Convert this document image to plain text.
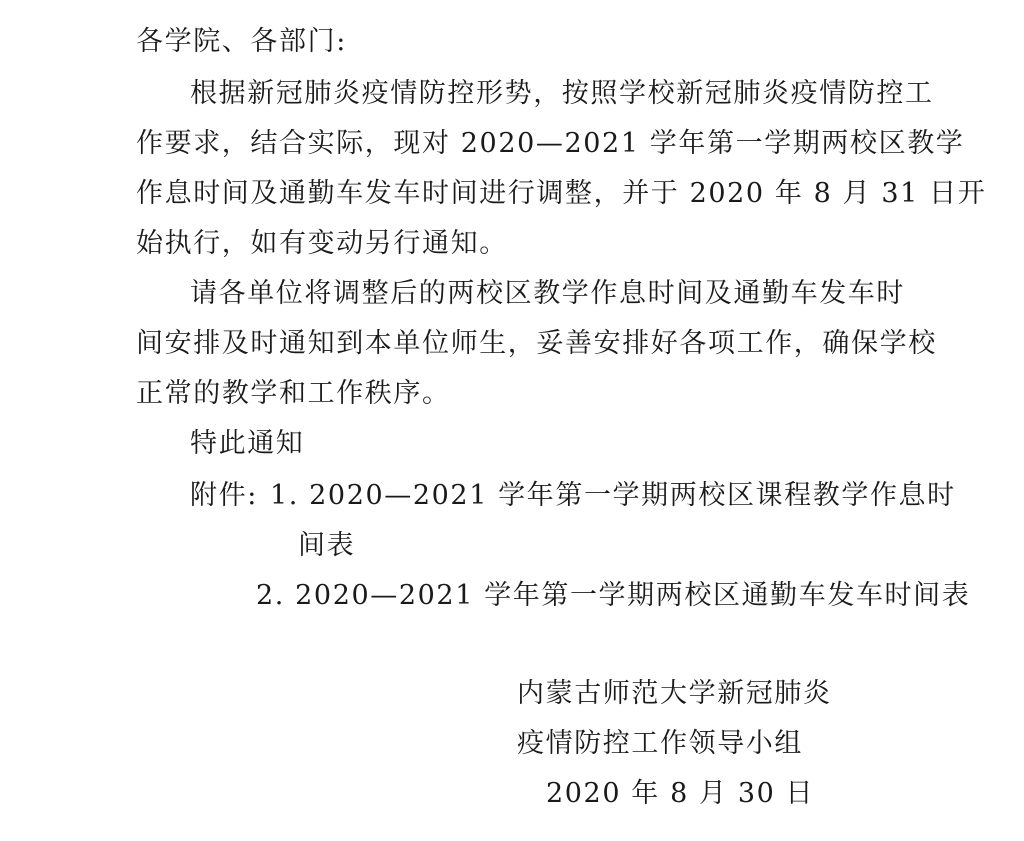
各学院、各部门:
根据新冠肺炎疫情防控形势，按照学校新冠肺炎疫情防控工
作要求，结合实际，现对 2020—2021 学年第一学期两校区教学
作息时间及通勤车发车时间进行调整，并于 2020 年 8 月 31 日开
始执行，如有变动另行通知。
请各单位将调整后的两校区教学作息时间及通勤车发车时
间安排及时通知到本单位师生，妥善安排好各项工作，确保学校
正常的教学和工作秩序。
特此通知
附件: 1. 2020—2021 学年第一学期两校区课程教学作息时
间表
2. 2020—2021 学年第一学期两校区通勤车发车时间表
内蒙古师范大学新冠肺炎
疫情防控工作领导小组
2020 年 8 月 30 日
